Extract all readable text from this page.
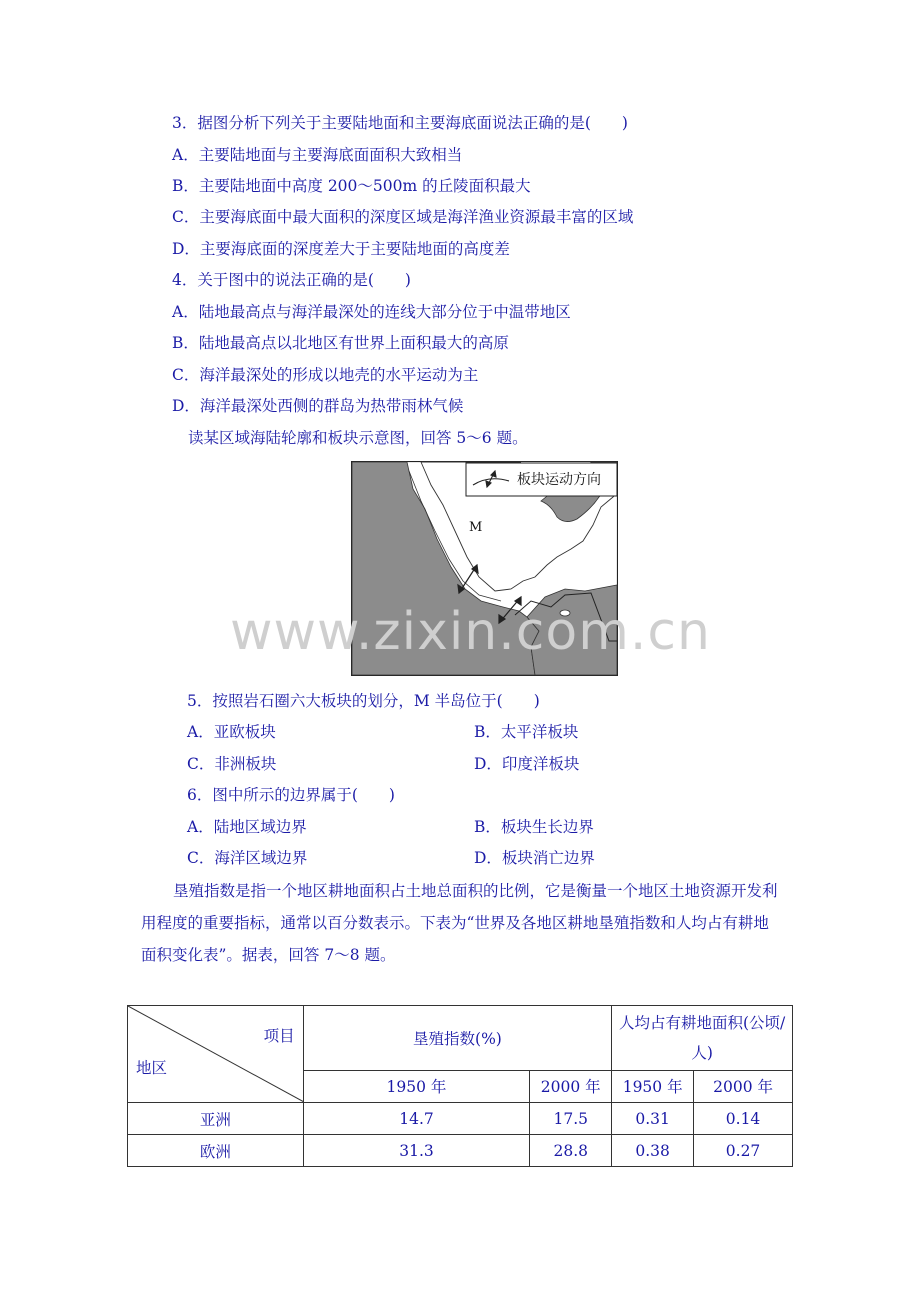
3．据图分析下列关于主要陆地面和主要海底面说法正确的是(　　)
A．主要陆地面与主要海底面面积大致相当
B．主要陆地面中高度 200～500m 的丘陵面积最大
C．主要海底面中最大面积的深度区域是海洋渔业资源最丰富的区域
D．主要海底面的深度差大于主要陆地面的高度差
4．关于图中的说法正确的是(　　)
A．陆地最高点与海洋最深处的连线大部分位于中温带地区
B．陆地最高点以北地区有世界上面积最大的高原
C．海洋最深处的形成以地壳的水平运动为主
D．海洋最深处西侧的群岛为热带雨林气候
读某区域海陆轮廓和板块示意图，回答 5～6 题。
板块运动方向
M
5．按照岩石圈六大板块的划分，M 半岛位于(　　)
A．亚欧板块	B．太平洋板块
C．非洲板块	D．印度洋板块
6．图中所示的边界属于(　　)
A．陆地区域边界	B．板块生长边界
C．海洋区域边界	D．板块消亡边界
垦殖指数是指一个地区耕地面积占土地总面积的比例，它是衡量一个地区土地资源开发利用程度的重要指标，通常以百分数表示。下表为“世界及各地区耕地垦殖指数和人均占有耕地面积变化表”。据表，回答 7～8 题。
www.zixin.com.cn
项目
地区	垦殖指数(%)		人均占有耕地面积(公顷/人)	
	1950 年	2000 年	1950 年	2000 年
亚洲	14.7	17.5	0.31	0.14
欧洲	31.3	28.8	0.38	0.27
